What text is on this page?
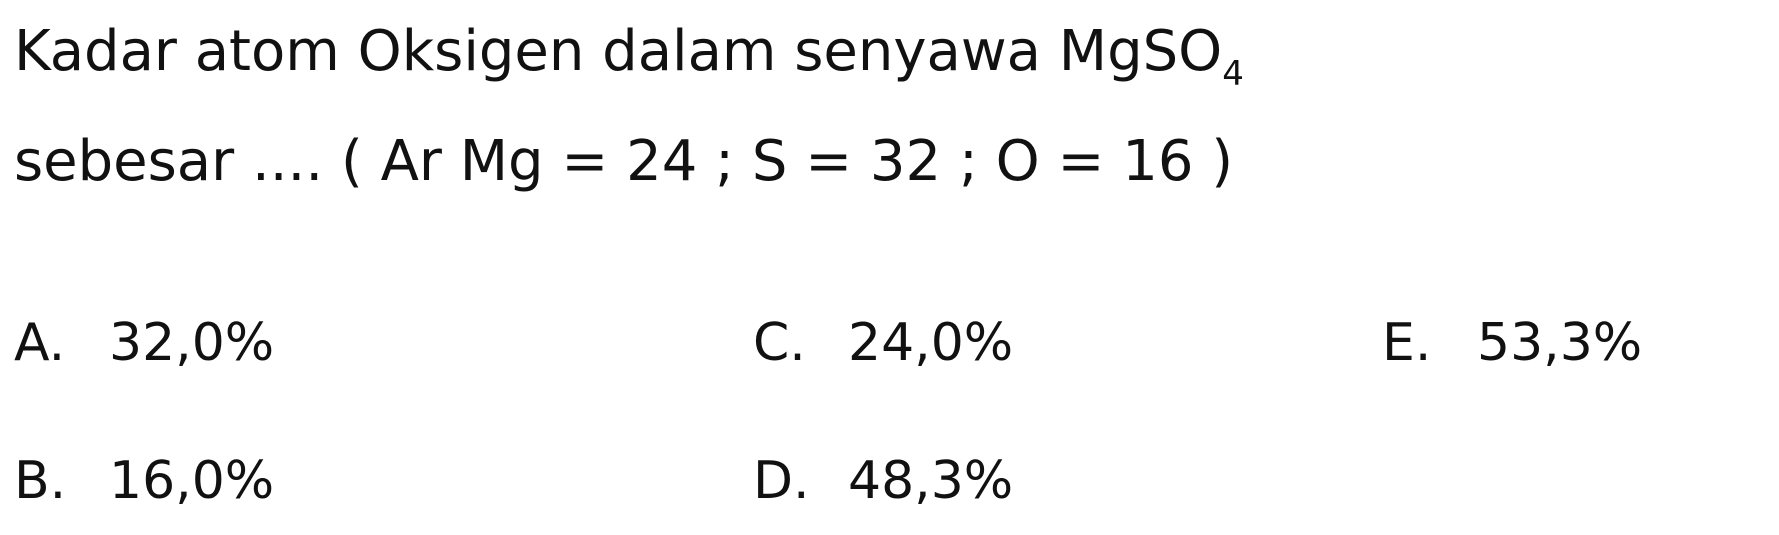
Kadar atom Oksigen dalam senyawa MgSO$_4$
sebesar .... ( Ar Mg = 24 ; S = 32 ; O = 16 )
A. 32,0%
B. 16,0%
C. 24,0%
D. 48,3%
E. 53,3%
